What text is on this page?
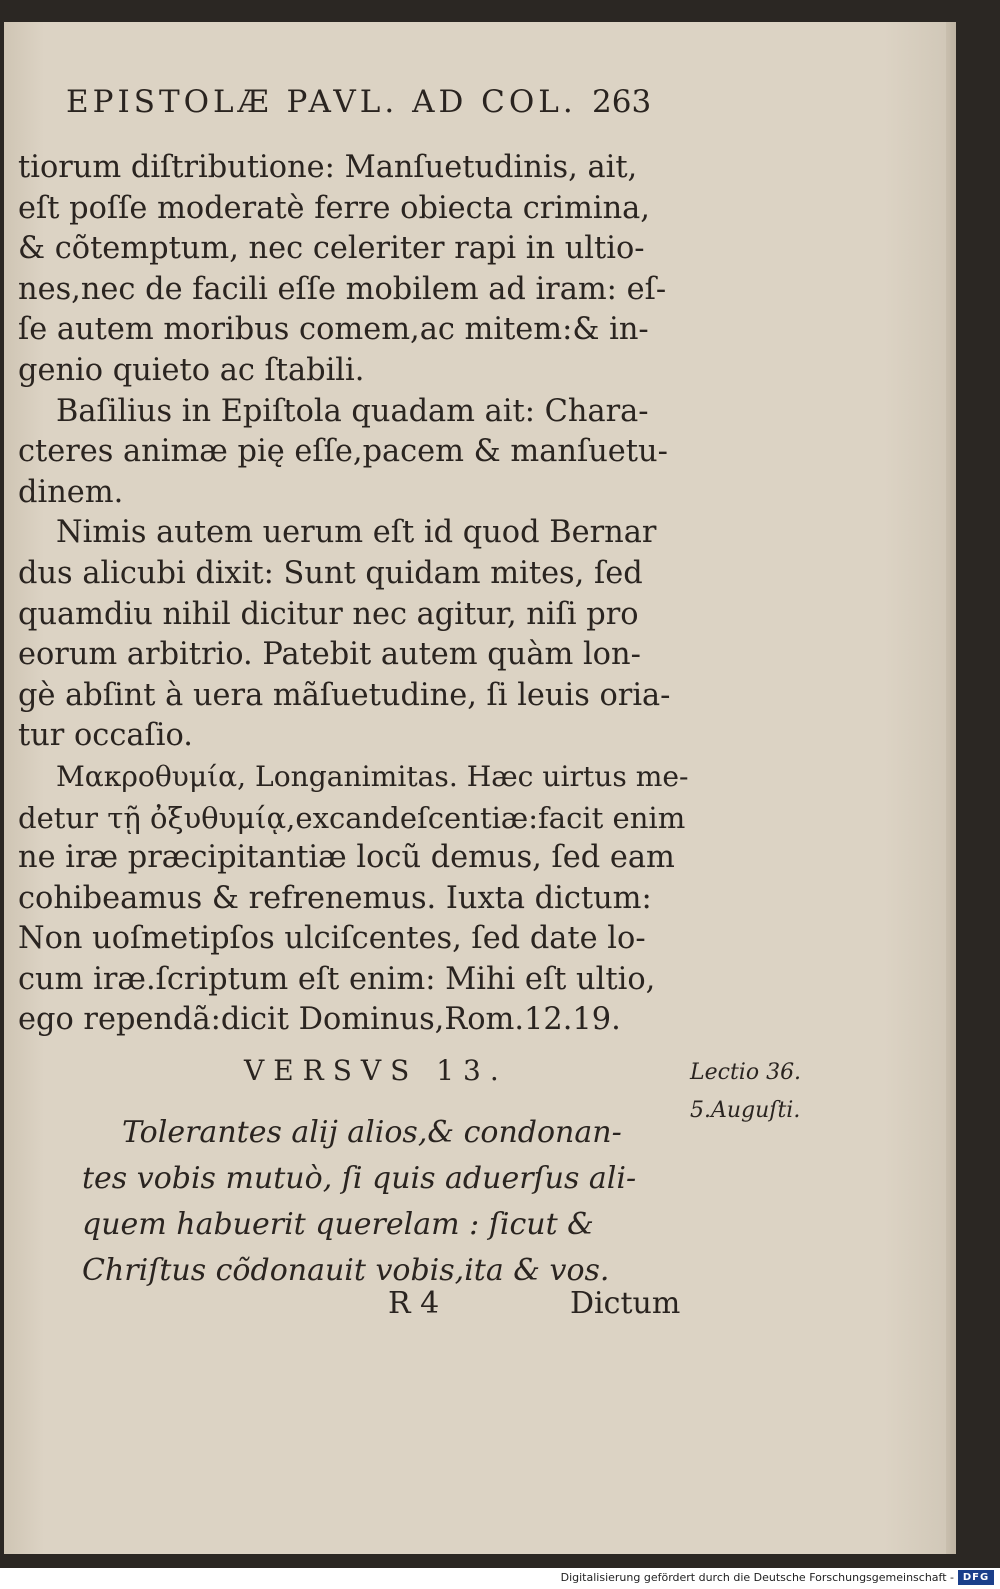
EPISTOLÆ PAVL. AD COL. 263
tiorum diſtributione: Manſuetudinis, ait,
eſt poſſe moderatè ferre obiecta crimina,
& cõtemptum, nec celeriter rapi in ultio-
nes,nec de facili eſſe mobilem ad iram: eſ-
ſe autem moribus comem,ac mitem:& in-
genio quieto ac ſtabili.
Baſilius in Epiſtola quadam ait: Chara-
cteres animæ pię eſſe,pacem & manſuetu-
dinem.
Nimis autem uerum eſt id quod Bernar
dus alicubi dixit: Sunt quidam mites, ſed
quamdiu nihil dicitur nec agitur, niſi pro
eorum arbitrio. Patebit autem quàm lon-
gè abſint à uera mãſuetudine, ſi leuis oria-
tur occaſio.
Μακροθυμία, Longanimitas. Hæc uirtus me-
detur τῇ ὀξυθυμίᾳ,excandeſcentiæ:facit enim
ne iræ præcipitantiæ locũ demus, ſed eam
cohibeamus & refrenemus. Iuxta dictum:
Non uoſmetipſos ulciſcentes, ſed date lo-
cum iræ.ſcriptum eſt enim: Mihi eſt ultio,
ego rependã:dicit Dominus,Rom.12.19.
VERSVS 13.	Lectio 36.
5.Auguſti.
Tolerantes alij alios,& condonan-
tes vobis mutuò, ſi quis aduerſus ali-
quem habuerit querelam : ſicut &
Chriſtus cõdonauit vobis,ita & vos.
R 4	Dictum
Digitalisierung gefördert durch die Deutsche Forschungsgemeinschaft - DFG
